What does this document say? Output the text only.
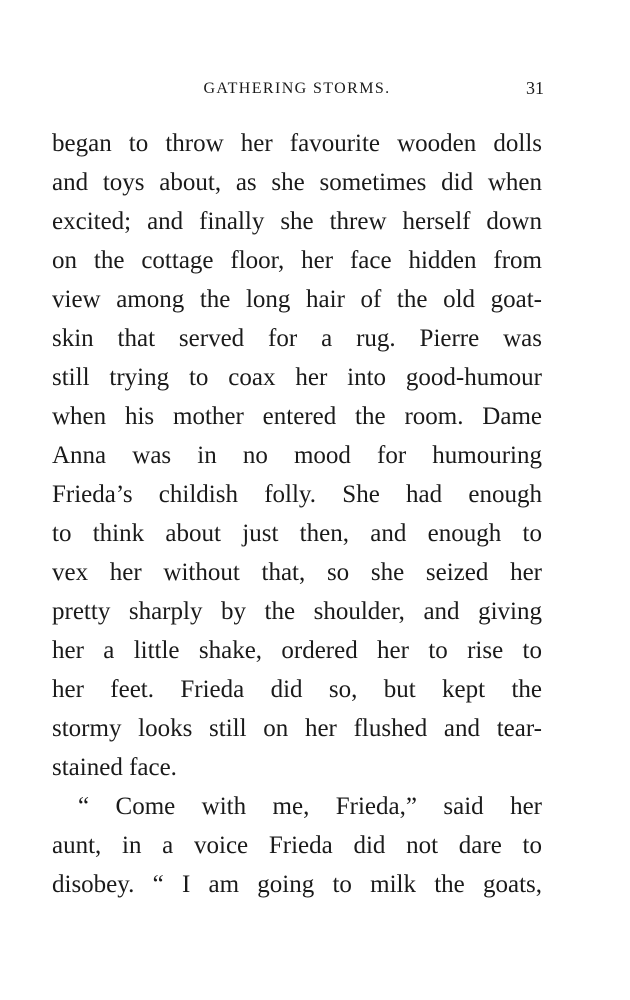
GATHERING STORMS.	31
began to throw her favourite wooden dolls
and toys about, as she sometimes did when
excited; and finally she threw herself down
on the cottage floor, her face hidden from
view among the long hair of the old goat-
skin that served for a rug. Pierre was
still trying to coax her into good-humour
when his mother entered the room. Dame
Anna was in no mood for humouring
Frieda’s childish folly. She had enough
to think about just then, and enough to
vex her without that, so she seized her
pretty sharply by the shoulder, and giving
her a little shake, ordered her to rise to
her feet. Frieda did so, but kept the
stormy looks still on her flushed and tear-
stained face.
“ Come with me, Frieda,” said her
aunt, in a voice Frieda did not dare to
disobey. “ I am going to milk the goats,
